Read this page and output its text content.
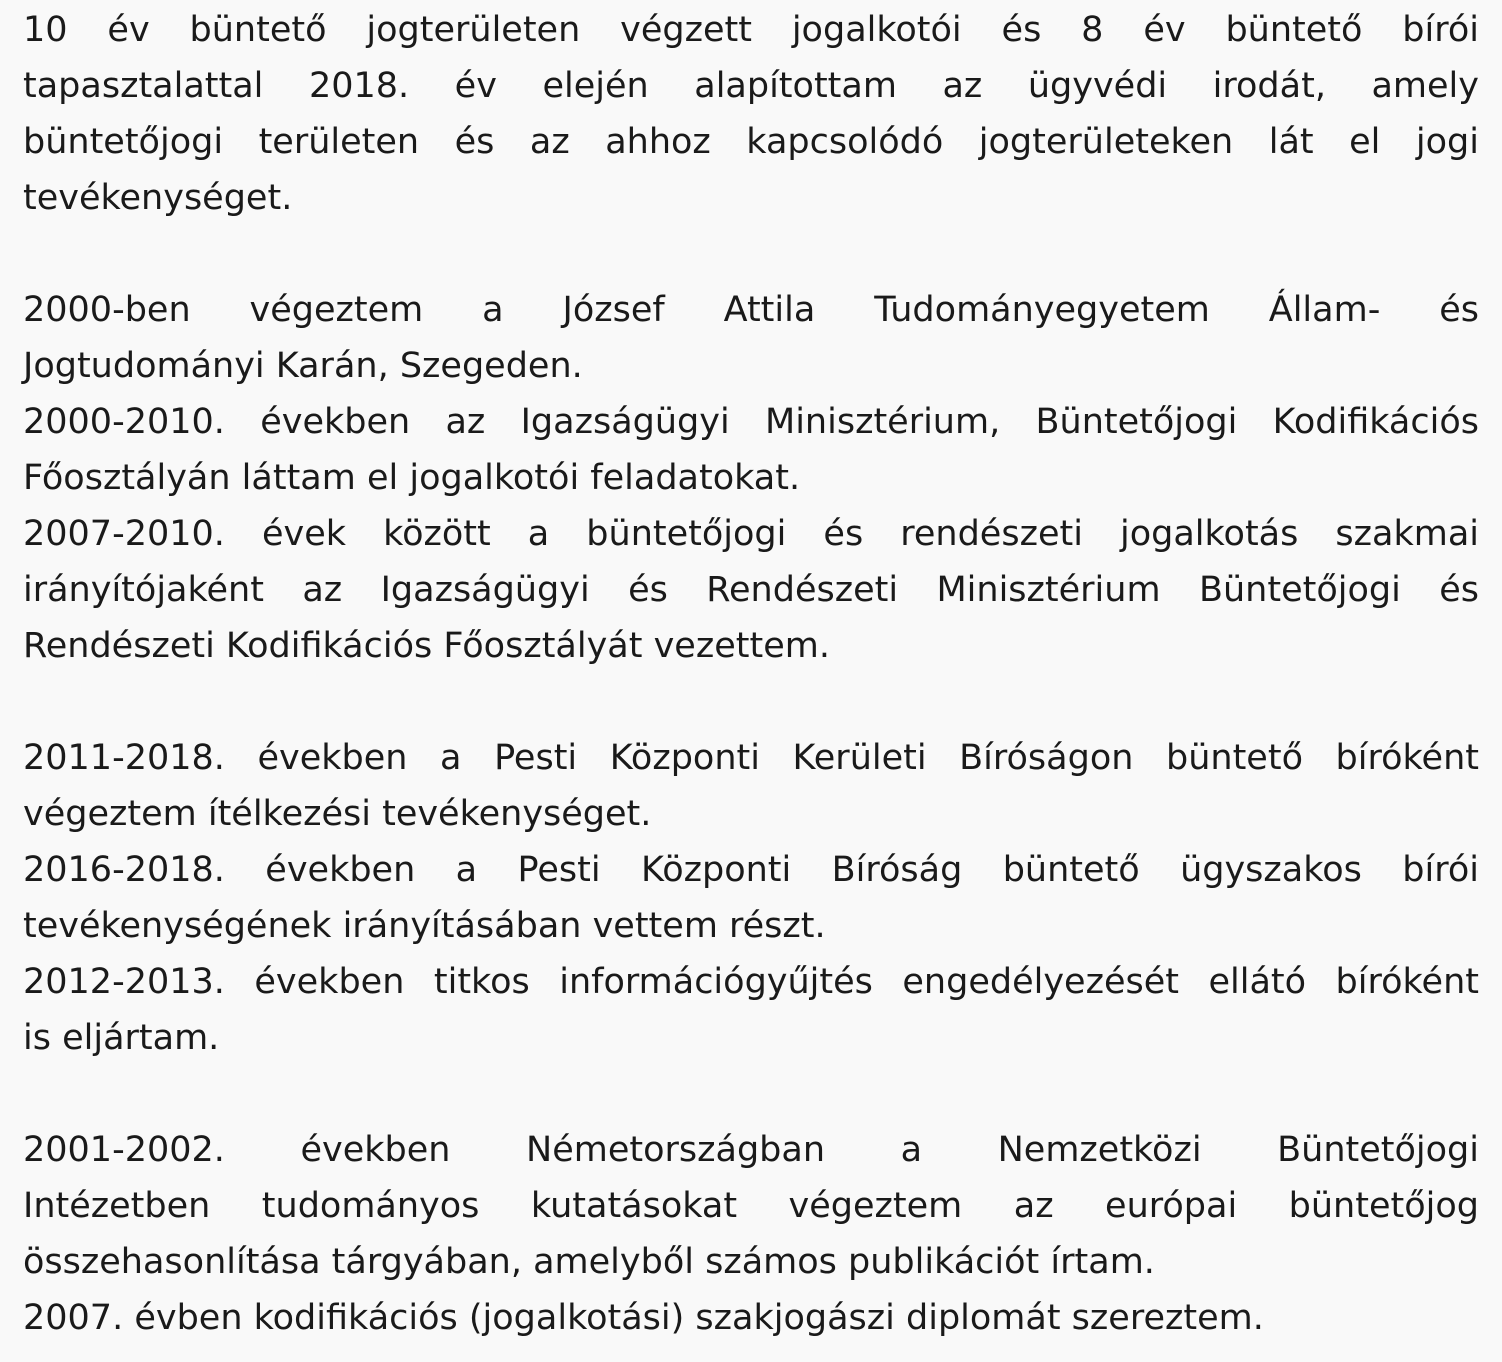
10 év büntető jogterületen végzett jogalkotói és 8 év büntető bírói
tapasztalattal 2018. év elején alapítottam az ügyvédi irodát, amely
büntetőjogi területen és az ahhoz kapcsolódó jogterületeken lát el jogi
tevékenységet.
2000-ben végeztem a József Attila Tudományegyetem Állam- és
Jogtudományi Karán, Szegeden.
2000-2010. években az Igazságügyi Minisztérium, Büntetőjogi Kodifikációs
Főosztályán láttam el jogalkotói feladatokat.
2007-2010. évek között a büntetőjogi és rendészeti jogalkotás szakmai
irányítójaként az Igazságügyi és Rendészeti Minisztérium Büntetőjogi és
Rendészeti Kodifikációs Főosztályát vezettem.
2011-2018. években a Pesti Központi Kerületi Bíróságon büntető bíróként
végeztem ítélkezési tevékenységet.
2016-2018. években a Pesti Központi Bíróság büntető ügyszakos bírói
tevékenységének irányításában vettem részt.
2012-2013. években titkos információgyűjtés engedélyezését ellátó bíróként
is eljártam.
2001-2002. években Németországban a Nemzetközi Büntetőjogi
Intézetben tudományos kutatásokat végeztem az európai büntetőjog
összehasonlítása tárgyában, amelyből számos publikációt írtam.
2007. évben kodifikációs (jogalkotási) szakjogászi diplomát szereztem.
